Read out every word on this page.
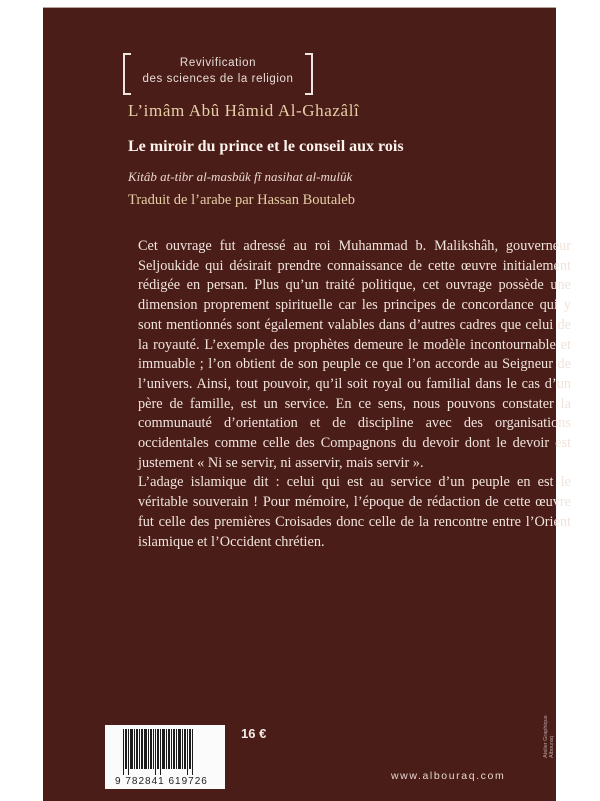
Revivification
des sciences de la religion
L’imâm Abû Hâmid Al-Ghazâlî
Le miroir du prince et le conseil aux rois
Kitâb at-tibr al-masbûk fî nasihat al-mulûk
Traduit de l’arabe par Hassan Boutaleb

Cet ouvrage fut adressé au roi Muhammad b. Malikshâh, gouverneur Seljoukide qui désirait prendre connaissance de cette œuvre initialement rédigée en persan. Plus qu’un traité politique, cet ouvrage possède une dimension proprement spirituelle car les principes de concordance qui y sont mentionnés sont également valables dans d’autres cadres que celui de la royauté. L’exemple des prophètes demeure le modèle incontournable et immuable ; l’on obtient de son peuple ce que l’on accorde au Seigneur de l’univers. Ainsi, tout pouvoir, qu’il soit royal ou familial dans le cas d’un père de famille, est un service. En ce sens, nous pouvons constater la communauté d’orientation et de discipline avec des organisations occidentales comme celle des Compagnons du devoir dont le devoir est justement « Ni se servir, ni asservir, mais servir ».

L’adage islamique dit : celui qui est au service d’un peuple en est le véritable souverain ! Pour mémoire, l’époque de rédaction de cette œuvre fut celle des premières Croisades donc celle de la rencontre entre l’Orient islamique et l’Occident chrétien.

9 782841 619726
16 €
www.albouraq.com
Atelier Graphique Albouraq
